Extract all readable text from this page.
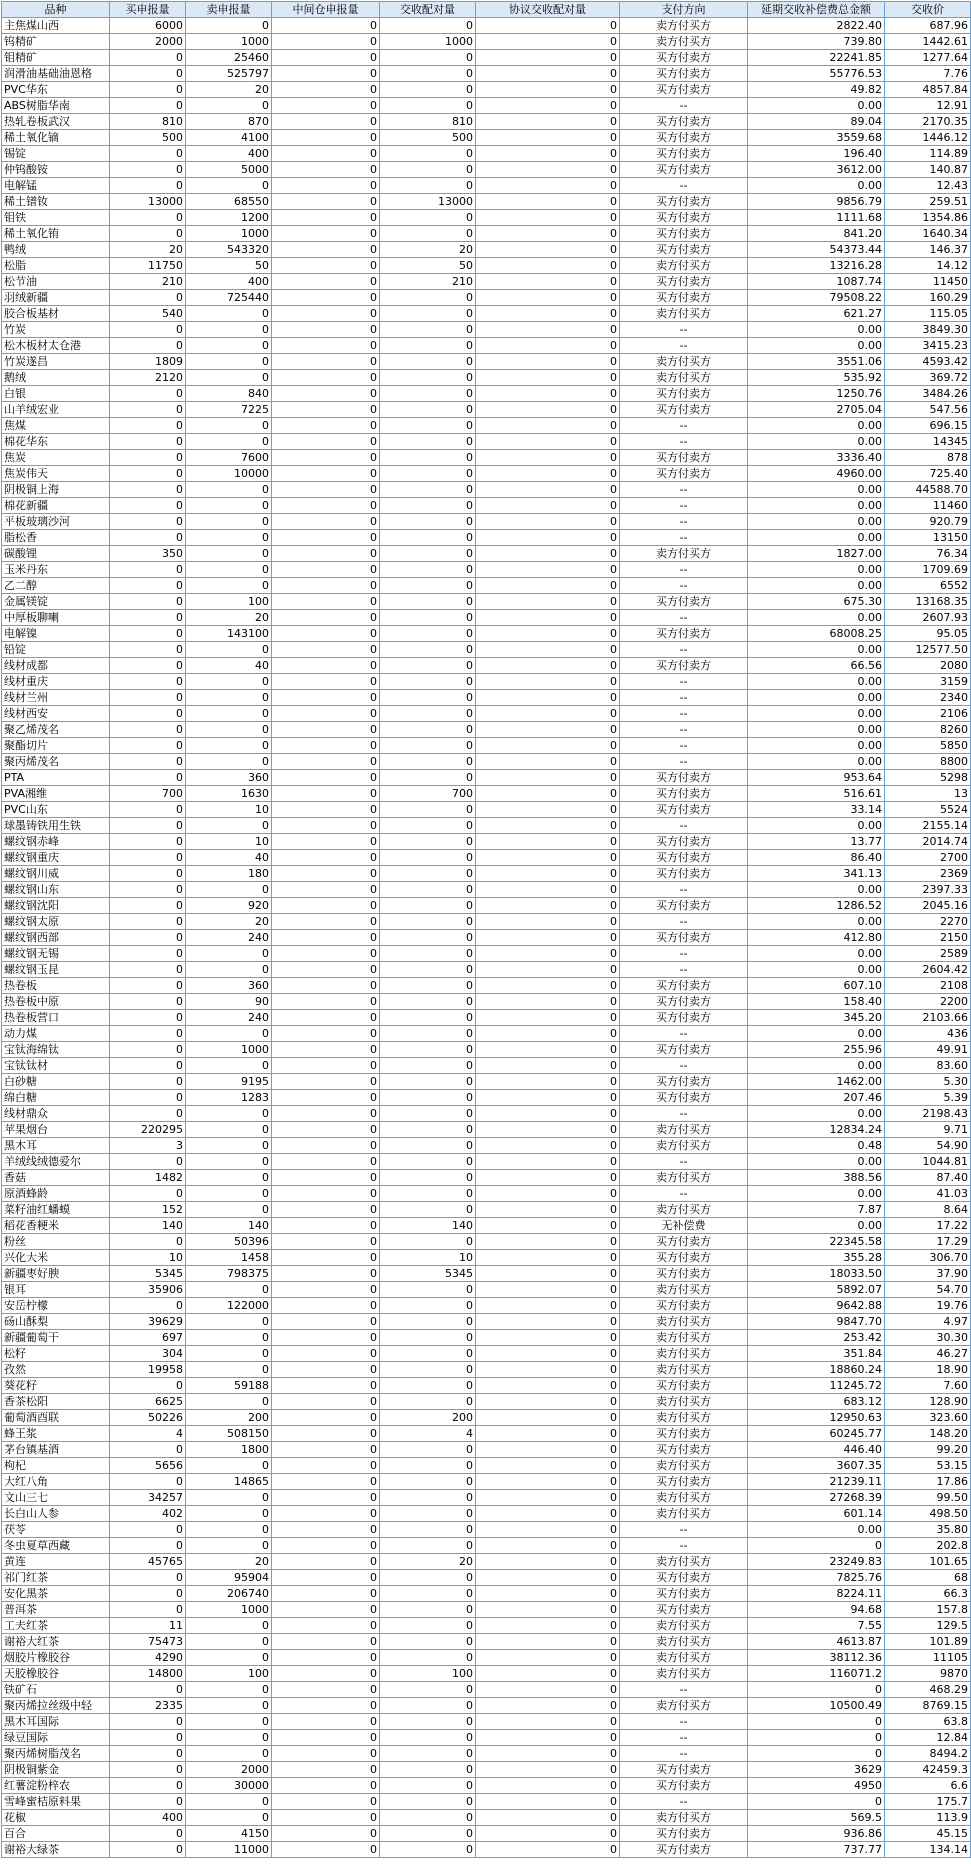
品种	买申报量	卖申报量	中间仓申报量	交收配对量	协议交收配对量	支付方向	延期交收补偿费总金额	交收价
主焦煤山西	6000	0	0	0	0	卖方付买方	2822.40	687.96
钨精矿	2000	1000	0	1000	0	卖方付买方	739.80	1442.61
钼精矿	0	25460	0	0	0	买方付卖方	22241.85	1277.64
润滑油基础油恩格	0	525797	0	0	0	买方付卖方	55776.53	7.76
PVC华东	0	20	0	0	0	买方付卖方	49.82	4857.84
ABS树脂华南	0	0	0	0	0	--	0.00	12.91
热轧卷板武汉	810	870	0	810	0	买方付卖方	89.04	2170.35
稀土氧化镝	500	4100	0	500	0	买方付卖方	3559.68	1446.12
锡锭	0	400	0	0	0	买方付卖方	196.40	114.89
仲钨酸铵	0	5000	0	0	0	买方付卖方	3612.00	140.87
电解锰	0	0	0	0	0	--	0.00	12.43
稀土镨钕	13000	68550	0	13000	0	买方付卖方	9856.79	259.51
钼铁	0	1200	0	0	0	买方付卖方	1111.68	1354.86
稀土氧化铕	0	1000	0	0	0	买方付卖方	841.20	1640.34
鸭绒	20	543320	0	20	0	买方付卖方	54373.44	146.37
松脂	11750	50	0	50	0	卖方付买方	13216.28	14.12
松节油	210	400	0	210	0	买方付卖方	1087.74	11450
羽绒新疆	0	725440	0	0	0	买方付卖方	79508.22	160.29
胶合板基材	540	0	0	0	0	卖方付买方	621.27	115.05
竹炭	0	0	0	0	0	--	0.00	3849.30
松木板材太仓港	0	0	0	0	0	--	0.00	3415.23
竹炭遂昌	1809	0	0	0	0	卖方付买方	3551.06	4593.42
鹅绒	2120	0	0	0	0	卖方付买方	535.92	369.72
白银	0	840	0	0	0	买方付卖方	1250.76	3484.26
山羊绒宏业	0	7225	0	0	0	买方付卖方	2705.04	547.56
焦煤	0	0	0	0	0	--	0.00	696.15
棉花华东	0	0	0	0	0	--	0.00	14345
焦炭	0	7600	0	0	0	买方付卖方	3336.40	878
焦炭伟天	0	10000	0	0	0	买方付卖方	4960.00	725.40
阴极铜上海	0	0	0	0	0	--	0.00	44588.70
棉花新疆	0	0	0	0	0	--	0.00	11460
平板玻璃沙河	0	0	0	0	0	--	0.00	920.79
脂松香	0	0	0	0	0	--	0.00	13150
碳酸锂	350	0	0	0	0	卖方付买方	1827.00	76.34
玉米丹东	0	0	0	0	0	--	0.00	1709.69
乙二醇	0	0	0	0	0	--	0.00	6552
金属镁锭	0	100	0	0	0	买方付卖方	675.30	13168.35
中厚板聊喇	0	20	0	0	0	--	0.00	2607.93
电解镍	0	143100	0	0	0	买方付卖方	68008.25	95.05
铅锭	0	0	0	0	0	--	0.00	12577.50
线材成都	0	40	0	0	0	买方付卖方	66.56	2080
线材重庆	0	0	0	0	0	--	0.00	3159
线材兰州	0	0	0	0	0	--	0.00	2340
线材西安	0	0	0	0	0	--	0.00	2106
聚乙烯茂名	0	0	0	0	0	--	0.00	8260
聚酯切片	0	0	0	0	0	--	0.00	5850
聚丙烯茂名	0	0	0	0	0	--	0.00	8800
PTA	0	360	0	0	0	买方付卖方	953.64	5298
PVA湘维	700	1630	0	700	0	买方付卖方	516.61	13
PVC山东	0	10	0	0	0	买方付卖方	33.14	5524
球墨铸铁用生铁	0	0	0	0	0	--	0.00	2155.14
螺纹钢赤峰	0	10	0	0	0	买方付卖方	13.77	2014.74
螺纹钢重庆	0	40	0	0	0	买方付卖方	86.40	2700
螺纹钢川威	0	180	0	0	0	买方付卖方	341.13	2369
螺纹钢山东	0	0	0	0	0	--	0.00	2397.33
螺纹钢沈阳	0	920	0	0	0	买方付卖方	1286.52	2045.16
螺纹钢太原	0	20	0	0	0	--	0.00	2270
螺纹钢西部	0	240	0	0	0	买方付卖方	412.80	2150
螺纹钢无锡	0	0	0	0	0	--	0.00	2589
螺纹钢玉昆	0	0	0	0	0	--	0.00	2604.42
热卷板	0	360	0	0	0	买方付卖方	607.10	2108
热卷板中原	0	90	0	0	0	买方付卖方	158.40	2200
热卷板营口	0	240	0	0	0	买方付卖方	345.20	2103.66
动力煤	0	0	0	0	0	--	0.00	436
宝钛海绵钛	0	1000	0	0	0	买方付卖方	255.96	49.91
宝钛钛材	0	0	0	0	0	--	0.00	83.60
白砂糖	0	9195	0	0	0	买方付卖方	1462.00	5.30
绵白糖	0	1283	0	0	0	买方付卖方	207.46	5.39
线材鼎众	0	0	0	0	0	--	0.00	2198.43
苹果烟台	220295	0	0	0	0	卖方付买方	12834.24	9.71
黑木耳	3	0	0	0	0	卖方付买方	0.48	54.90
羊绒线绒德爱尔	0	0	0	0	0	--	0.00	1044.81
香菇	1482	0	0	0	0	卖方付买方	388.56	87.40
原酒蜂龄	0	0	0	0	0	--	0.00	41.03
菜籽油红蟠蟆	152	0	0	0	0	卖方付买方	7.87	8.64
稻花香粳米	140	140	0	140	0	无补偿费	0.00	17.22
粉丝	0	50396	0	0	0	买方付卖方	22345.58	17.29
兴化大米	10	1458	0	10	0	买方付卖方	355.28	306.70
新疆枣好腴	5345	798375	0	5345	0	买方付卖方	18033.50	37.90
银耳	35906	0	0	0	0	卖方付买方	5892.07	54.70
安岳柠檬	0	122000	0	0	0	买方付卖方	9642.88	19.76
砀山酥梨	39629	0	0	0	0	卖方付买方	9847.70	4.97
新疆葡萄干	697	0	0	0	0	卖方付买方	253.42	30.30
松籽	304	0	0	0	0	卖方付买方	351.84	46.27
孜然	19958	0	0	0	0	卖方付买方	18860.24	18.90
葵花籽	0	59188	0	0	0	买方付卖方	11245.72	7.60
香茶松阳	6625	0	0	0	0	卖方付买方	683.12	128.90
葡萄酒酉联	50226	200	0	200	0	卖方付买方	12950.63	323.60
蜂王浆	4	508150	0	4	0	买方付卖方	60245.77	148.20
茅台镇基酒	0	1800	0	0	0	买方付卖方	446.40	99.20
枸杞	5656	0	0	0	0	卖方付买方	3607.35	53.15
大红八角	0	14865	0	0	0	买方付卖方	21239.11	17.86
文山三七	34257	0	0	0	0	卖方付买方	27268.39	99.50
长白山人参	402	0	0	0	0	卖方付买方	601.14	498.50
茯苓	0	0	0	0	0	--	0.00	35.80
冬虫夏草西藏	0	0	0	0	0	--	0	202.8
黄连	45765	20	0	20	0	卖方付买方	23249.83	101.65
祁门红茶	0	95904	0	0	0	买方付卖方	7825.76	68
安化黑茶	0	206740	0	0	0	买方付卖方	8224.11	66.3
普洱茶	0	1000	0	0	0	买方付卖方	94.68	157.8
工夫红茶	11	0	0	0	0	卖方付买方	7.55	129.5
谢裕大红茶	75473	0	0	0	0	卖方付买方	4613.87	101.89
烟胶片橡胶谷	4290	0	0	0	0	卖方付买方	38112.36	11105
天胶橡胶谷	14800	100	0	100	0	卖方付买方	116071.2	9870
铁矿石	0	0	0	0	0	--	0	468.29
聚丙烯拉丝级中轻	2335	0	0	0	0	卖方付买方	10500.49	8769.15
黑木耳国际	0	0	0	0	0	--	0	63.8
绿豆国际	0	0	0	0	0	--	0	12.84
聚丙烯树脂茂名	0	0	0	0	0	--	0	8494.2
阴极铜紫金	0	2000	0	0	0	买方付卖方	3629	42459.3
红薯淀粉梓农	0	30000	0	0	0	买方付卖方	4950	6.6
雪峰蜜桔原料果	0	0	0	0	0	--	0	175.7
花椒	400	0	0	0	0	卖方付买方	569.5	113.9
百合	0	4150	0	0	0	买方付卖方	936.86	45.15
谢裕大绿茶	0	11000	0	0	0	买方付卖方	737.77	134.14
